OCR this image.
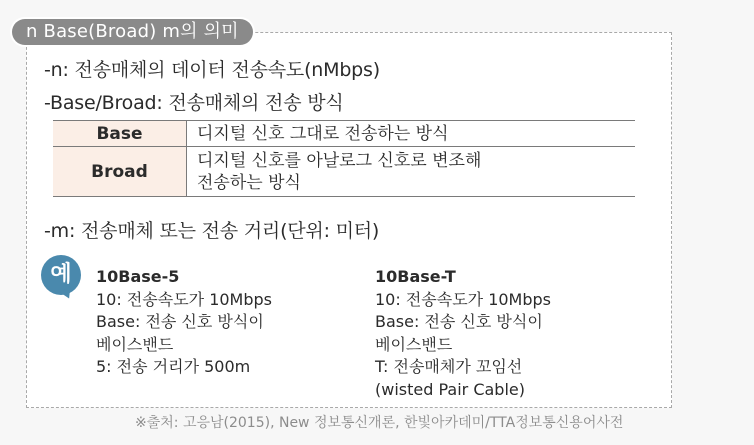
n Base(Broad) m의 의미
-n: 전송매체의 데이터 전송속도(nMbps)
-Base/Broad: 전송매체의 전송 방식
Base	디지털 신호 그대로 전송하는 방식
Broad	디지털 신호를 아날로그 신호로 변조해
전송하는 방식
-m: 전송매체 또는 전송 거리(단위: 미터)
예	10Base-5
10: 전송속도가 10Mbps
Base: 전송 신호 방식이
베이스밴드
5: 전송 거리가 500m
10Base-T
10: 전송속도가 10Mbps
Base: 전송 신호 방식이
베이스밴드
T: 전송매체가 꼬임선
(wisted Pair Cable)
※출처: 고응남(2015), New 정보통신개론, 한빛아카데미/TTA정보통신용어사전
